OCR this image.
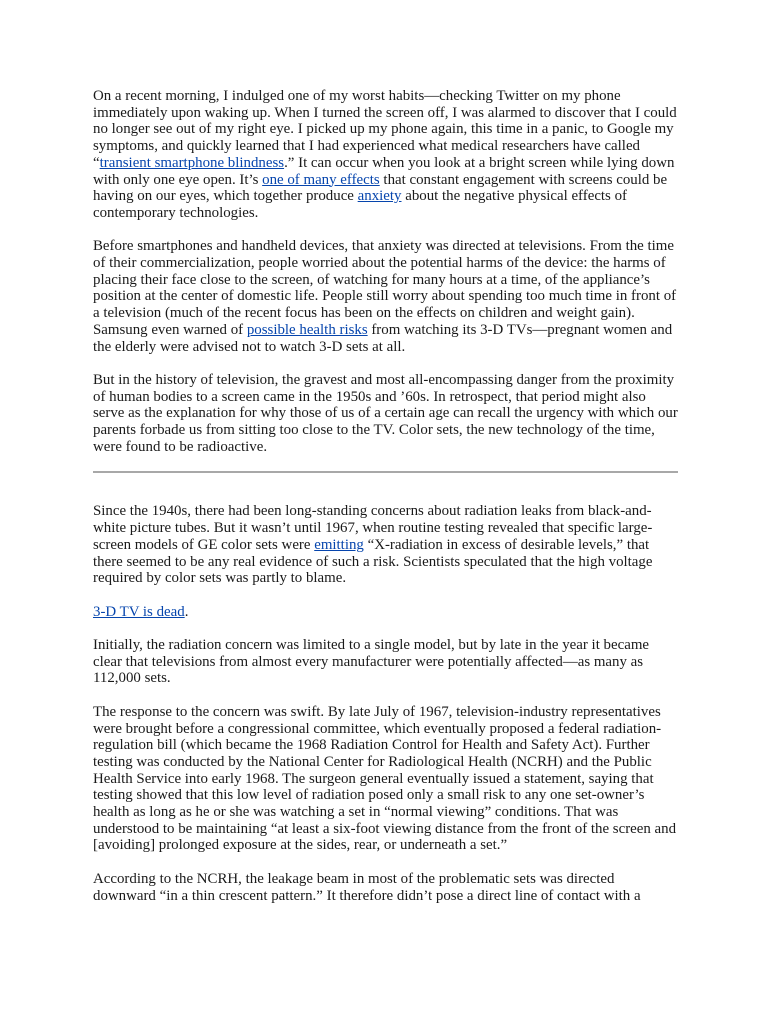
On a recent morning, I indulged one of my worst habits—checking Twitter on my phone immediately upon waking up. When I turned the screen off, I was alarmed to discover that I could no longer see out of my right eye. I picked up my phone again, this time in a panic, to Google my symptoms, and quickly learned that I had experienced what medical researchers have called “transient smartphone blindness.” It can occur when you look at a bright screen while lying down with only one eye open. It’s one of many effects that constant engagement with screens could be having on our eyes, which together produce anxiety about the negative physical effects of contemporary technologies.

Before smartphones and handheld devices, that anxiety was directed at televisions. From the time of their commercialization, people worried about the potential harms of the device: the harms of placing their face close to the screen, of watching for many hours at a time, of the appliance’s position at the center of domestic life. People still worry about spending too much time in front of a television (much of the recent focus has been on the effects on children and weight gain). Samsung even warned of possible health risks from watching its 3-D TVs—pregnant women and the elderly were advised not to watch 3-D sets at all.

But in the history of television, the gravest and most all-encompassing danger from the proximity of human bodies to a screen came in the 1950s and ’60s. In retrospect, that period might also serve as the explanation for why those of us of a certain age can recall the urgency with which our parents forbade us from sitting too close to the TV. Color sets, the new technology of the time, were found to be radioactive.

Since the 1940s, there had been long-standing concerns about radiation leaks from black-and-white picture tubes. But it wasn’t until 1967, when routine testing revealed that specific large-screen models of GE color sets were emitting “X-radiation in excess of desirable levels,” that there seemed to be any real evidence of such a risk. Scientists speculated that the high voltage required by color sets was partly to blame.

3-D TV is dead.

Initially, the radiation concern was limited to a single model, but by late in the year it became clear that televisions from almost every manufacturer were potentially affected—as many as 112,000 sets.

The response to the concern was swift. By late July of 1967, television-industry representatives were brought before a congressional committee, which eventually proposed a federal radiation-regulation bill (which became the 1968 Radiation Control for Health and Safety Act). Further testing was conducted by the National Center for Radiological Health (NCRH) and the Public Health Service into early 1968. The surgeon general eventually issued a statement, saying that testing showed that this low level of radiation posed only a small risk to any one set-owner’s health as long as he or she was watching a set in “normal viewing” conditions. That was understood to be maintaining “at least a six-foot viewing distance from the front of the screen and [avoiding] prolonged exposure at the sides, rear, or underneath a set.”

According to the NCRH, the leakage beam in most of the problematic sets was directed downward “in a thin crescent pattern.” It therefore didn’t pose a direct line of contact with a
